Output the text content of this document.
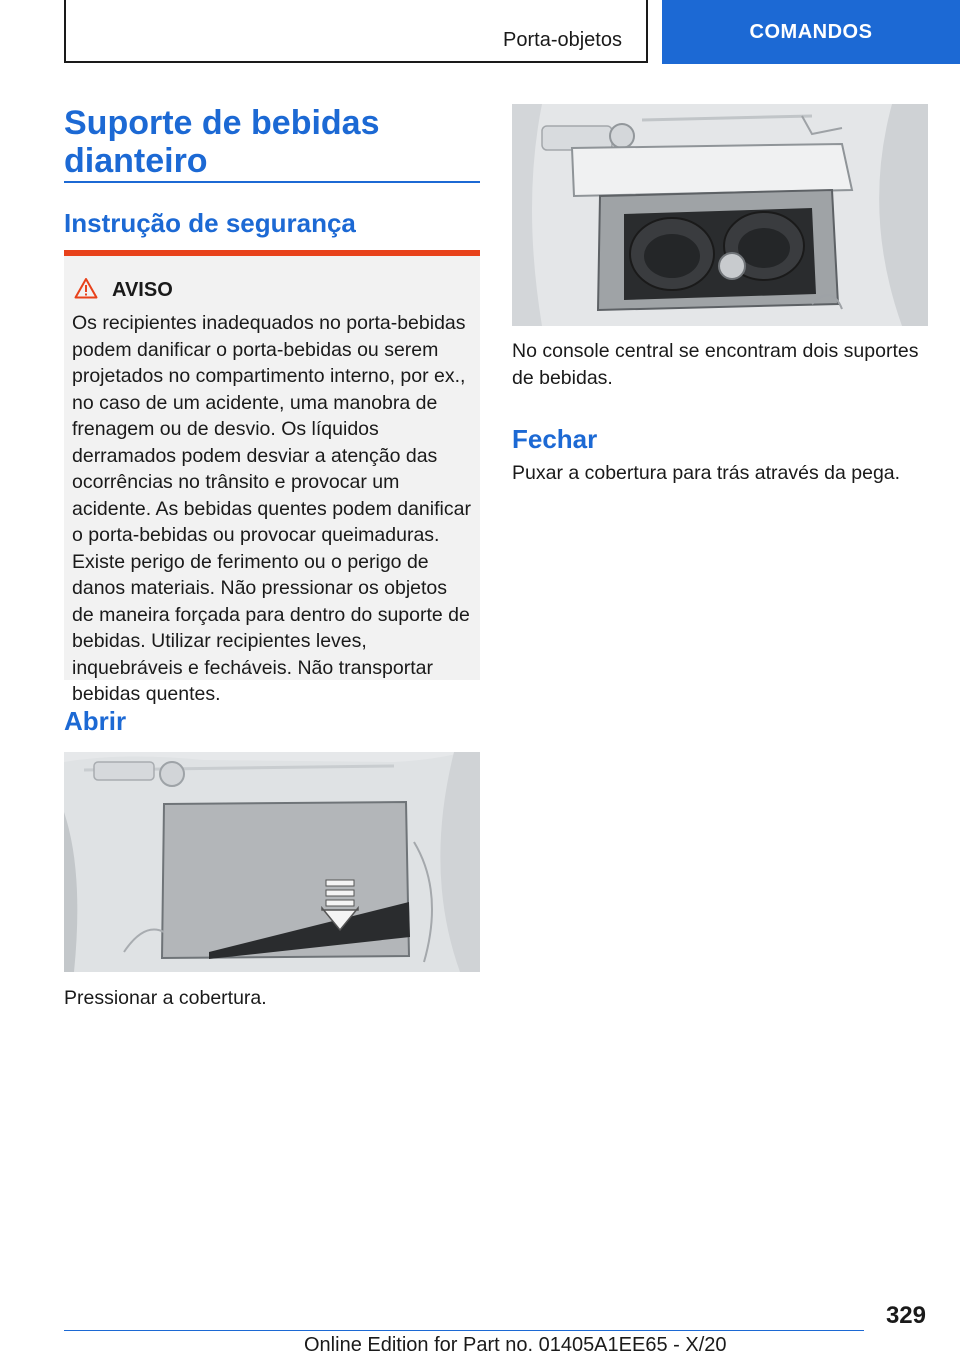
Porta-objetos	COMANDOS
Suporte de bebidas dianteiro
Instrução de segurança
AVISO
Os recipientes inadequados no porta-bebidas podem danificar o porta-bebidas ou serem projetados no compartimento interno, por ex., no caso de um acidente, uma manobra de frenagem ou de desvio. Os líquidos derramados podem desviar a atenção das ocorrências no trânsito e provocar um acidente. As bebidas quentes podem danificar o porta-bebidas ou provocar queimaduras. Existe perigo de ferimento ou o perigo de danos materiais. Não pressionar os objetos de maneira forçada para dentro do suporte de bebidas. Utilizar recipientes leves, inquebráveis e fecháveis. Não transportar bebidas quentes.
Abrir
Pressionar a cobertura.
No console central se encontram dois suportes de bebidas.
Fechar
Puxar a cobertura para trás através da pega.
329
Online Edition for Part no. 01405A1EE65 - X/20
